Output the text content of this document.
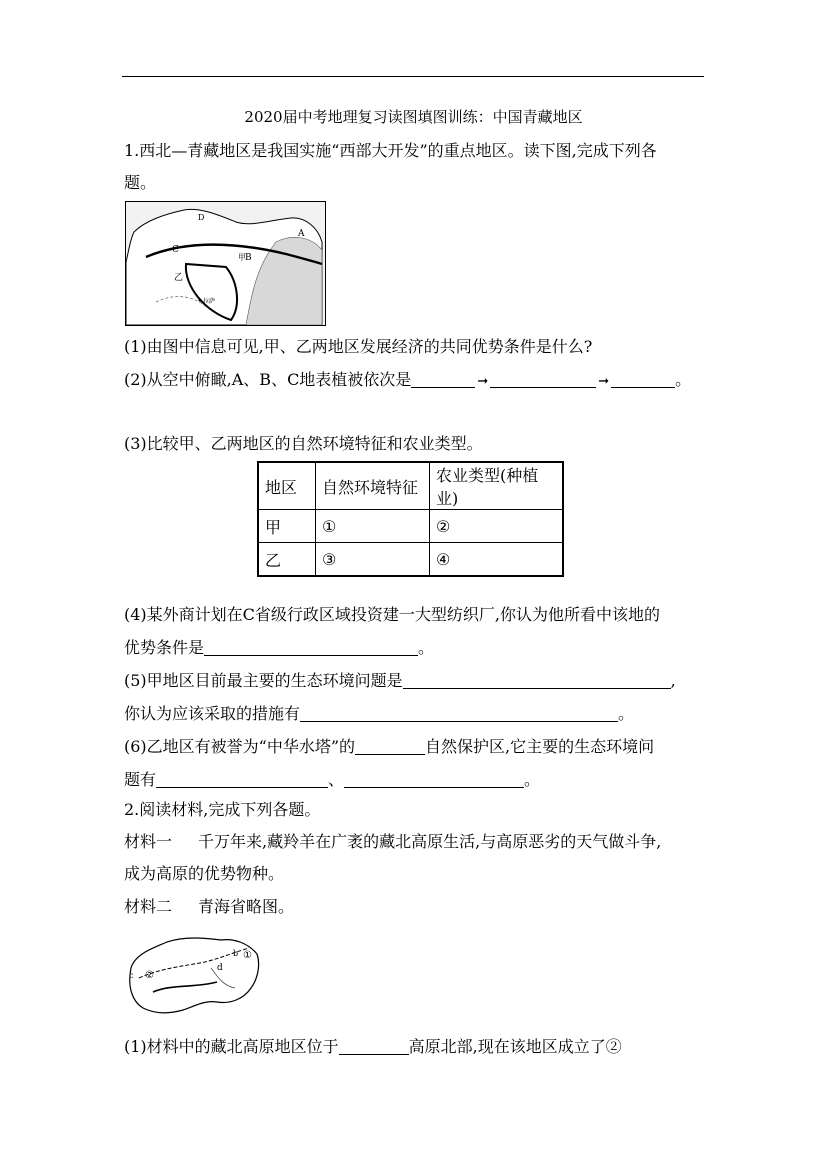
2020届中考地理复习读图填图训练：中国青藏地区
1.西北—青藏地区是我国实施“西部大开发”的重点地区。读下图,完成下列各
题。
D
A
C
B
甲
乙
拉萨
(1)由图中信息可见,甲、乙两地区发展经济的共同优势条件是什么?
(2)从空中俯瞰,A、B、C地表植被依次是	➞	➞	。
(3)比较甲、乙两地区的自然环境特征和农业类型。
地区	自然环境特征	农业类型(种植业)
甲	①	②
乙	③	④
(4)某外商计划在C省级行政区域投资建一大型纺织厂,你认为他所看中该地的
优势条件是	。
(5)甲地区目前最主要的生态环境问题是	,
你认为应该采取的措施有	。
(6)乙地区有被誉为“中华水塔”的	自然保护区,它主要的生态环境问
题有	、	。
2.阅读材料,完成下列各题。
材料一 千万年来,藏羚羊在广袤的藏北高原生活,与高原恶劣的天气做斗争,
成为高原的优势物种。
材料二 青海省略图。
②
c
d
①
b
(1)材料中的藏北高原地区位于	高原北部,现在该地区成立了②
